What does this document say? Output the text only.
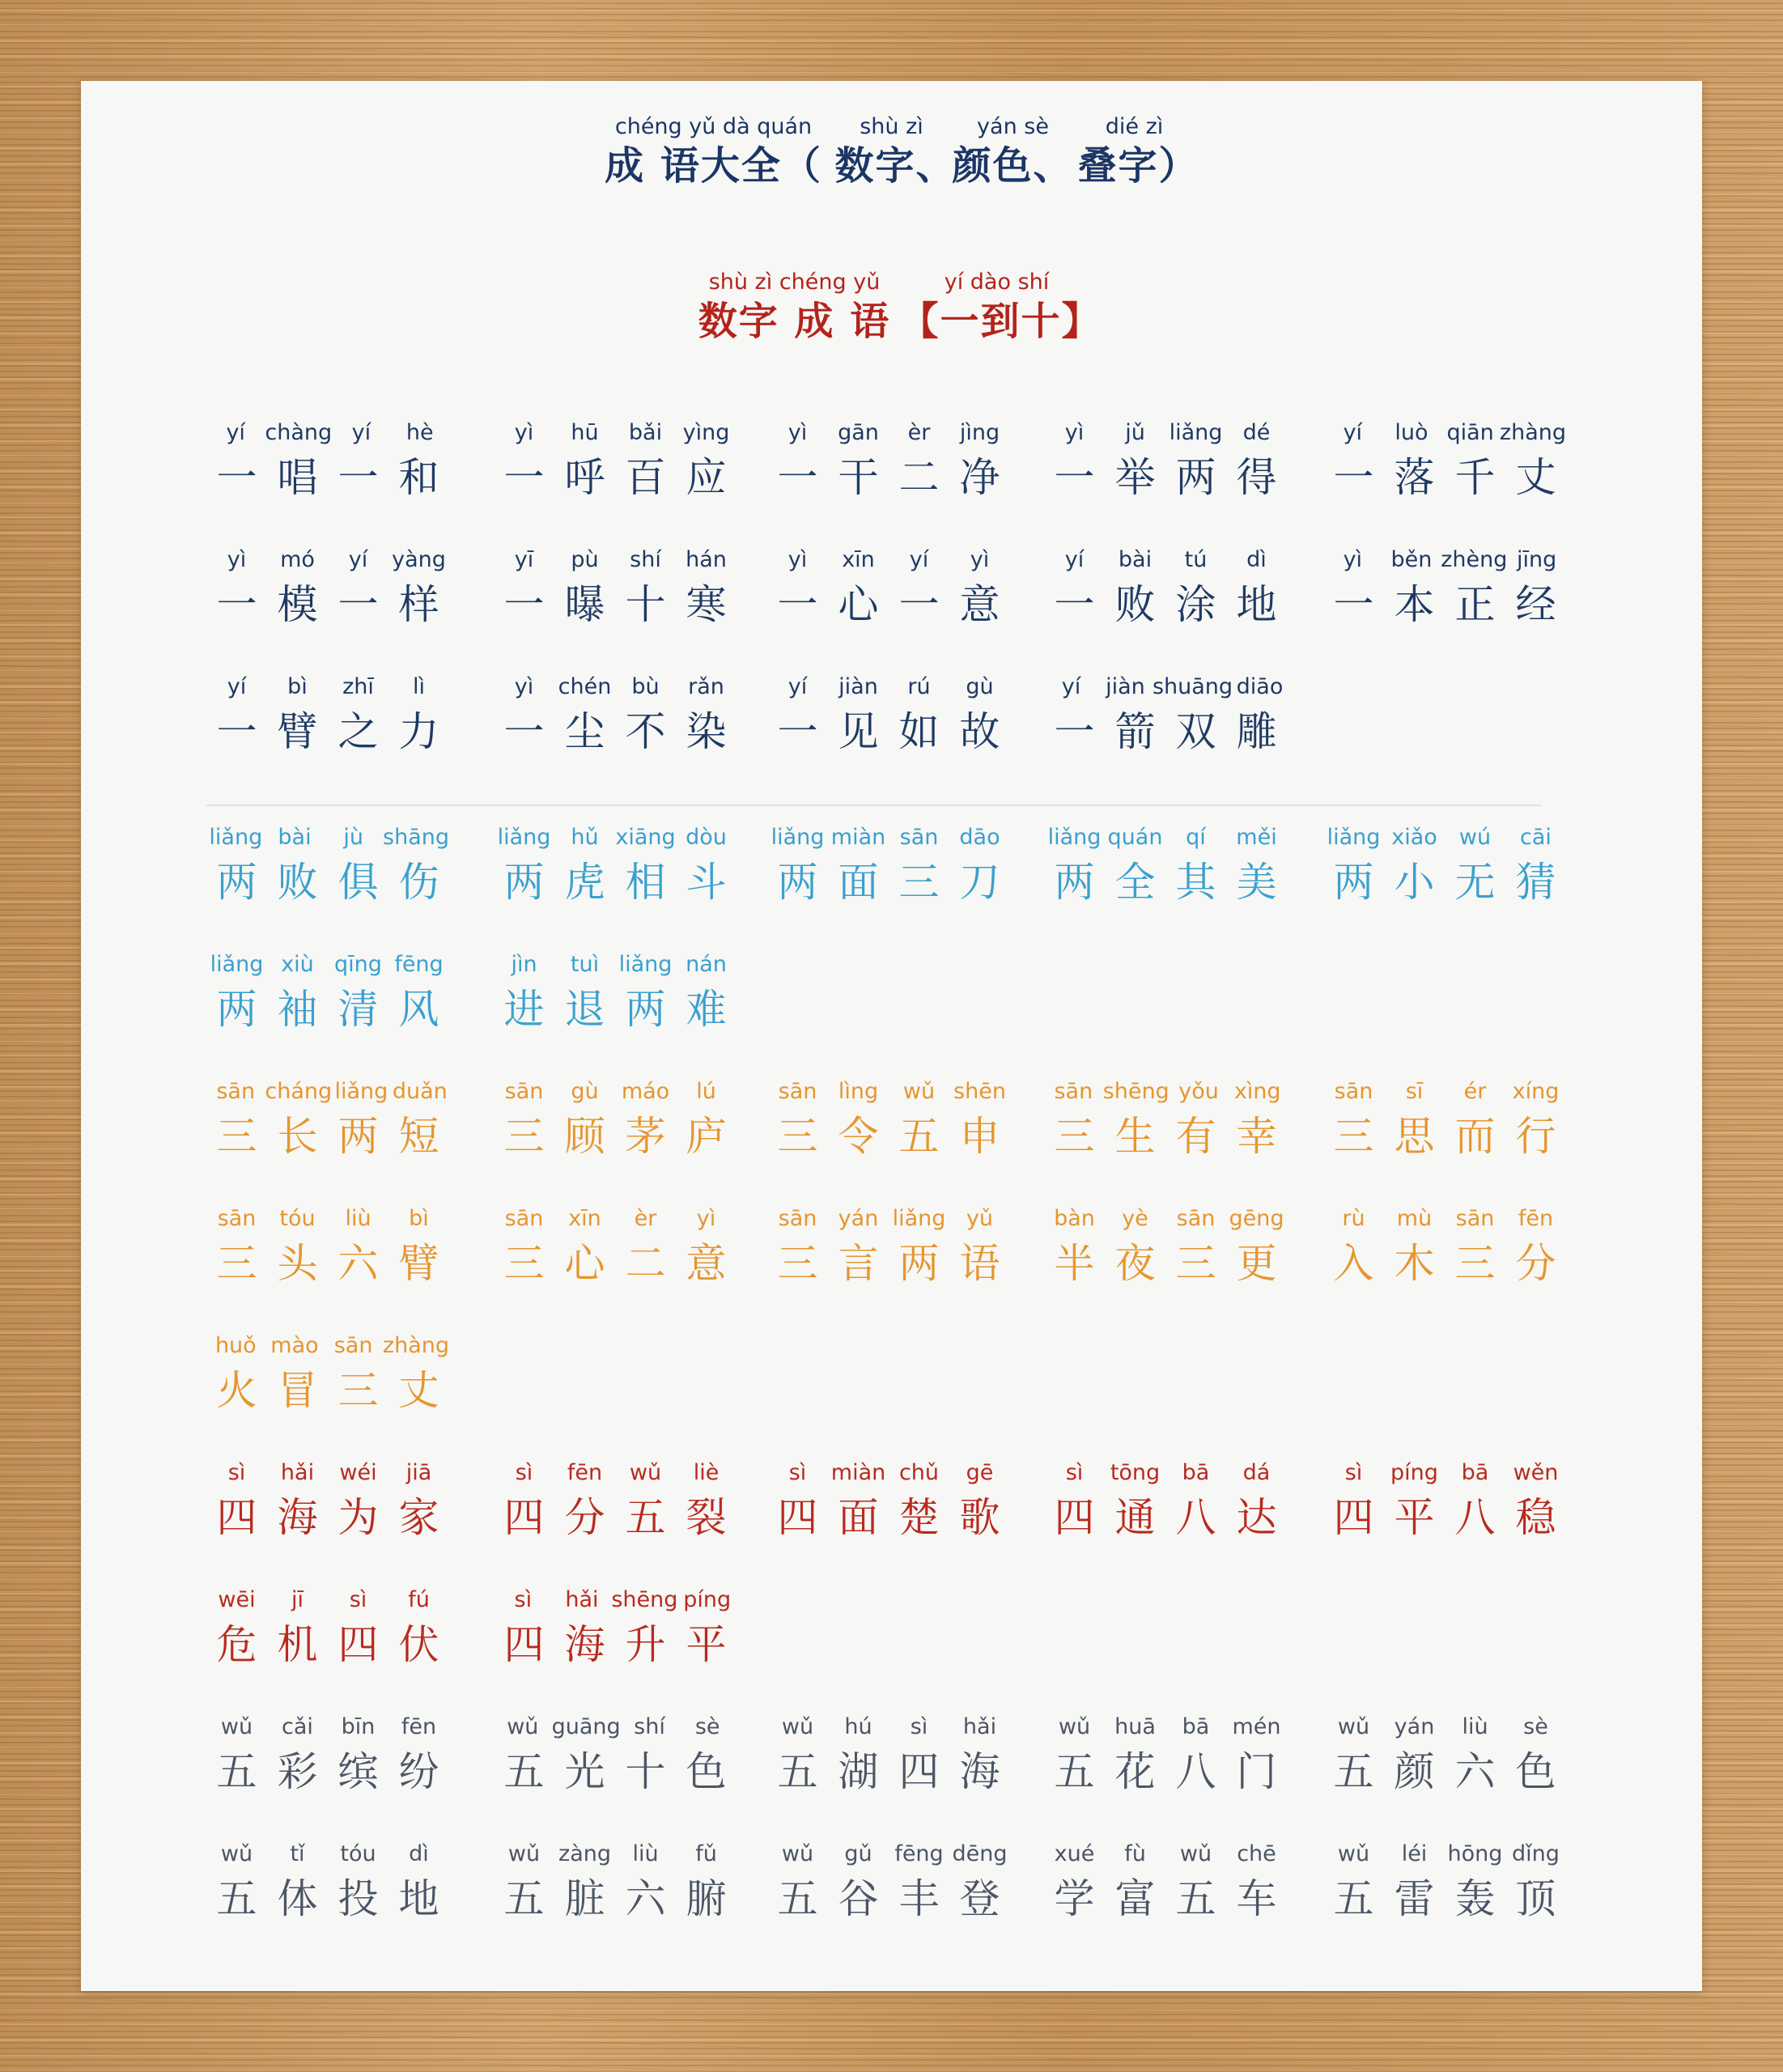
chéng yǔ dà quán	shù zì	yán sè	dié zì
成 语大全（ 数字、
颜色、 叠字）
shù zì chéng yǔ	yí dào shí
数字 成 语 【一到十】
yí chàng yí	hè
一 唱 一 和
yì	hū	bǎi yìng
一 呼 百 应
yì	gān	èr	jìng
一 干 二 净
yì	jǔ	liǎng dé
一 举 两 得
yí	luò qiān zhàng
一 落 千 丈
yì	mó	yí	yàng
一 模 一 样
yī	pù	shí	hán
一 曝 十 寒
yì	xīn	yí	yì
一 心 一 意
yí	bài	tú	dì
一 败 涂 地
yì	běn zhèng jīng
一 本 正 经
yí	bì	zhī	lì
一 臂 之 力
yì	chén bù	rǎn
一 尘 不 染
yí	jiàn	rú	gù
一 见 如 故
yí	jiàn shuāng diāo
一 箭 双 雕
liǎng bài	jù shāng
两 败 俱 伤
liǎng hǔ xiāng dòu
两 虎 相 斗
liǎng miàn sān dāo
两 面 三 刀
liǎng quán	qí	měi
两 全 其 美
liǎng xiǎo	wú	cāi
两 小 无 猜
liǎng xiù qīng fēng
两 袖 清 风
jìn	tuì liǎng nán
进 退 两 难
sān cháng liǎng duǎn
三 长 两 短
sān	gù	máo	lú
三 顾 茅 庐
sān lìng	wǔ shēn
三 令 五 申
sān shēng yǒu xìng
三 生 有 幸
sān	sī	ér	xíng
三 思 而 行
sān	tóu	liù	bì
三 头 六 臂
sān	xīn	èr	yì
三 心 二 意
sān yán liǎng yǔ
三 言 两 语
bàn	yè	sān gēng
半 夜 三 更
rù	mù	sān	fēn
入 木 三 分
huǒ mào sān zhàng
火 冒 三 丈
sì	hǎi	wéi	jiā
四 海 为 家
sì	fēn	wǔ	liè
四 分 五 裂
sì	miàn chǔ	gē
四 面 楚 歌
sì	tōng	bā	dá
四 通 八 达
sì	píng	bā	wěn
四 平 八 稳
wēi	jī	sì	fú
危 机 四 伏
sì	hǎi shēng píng
四 海 升 平
wǔ	cǎi	bīn	fēn
五 彩 缤 纷
wǔ guāng shí	sè
五 光 十 色
wǔ	hú	sì	hǎi
五 湖 四 海
wǔ	huā	bā	mén
五 花 八 门
wǔ	yán	liù	sè
五 颜 六 色
wǔ	tǐ	tóu	dì
五 体 投 地
wǔ zàng liù	fǔ
五 脏 六 腑
wǔ	gǔ	fēng dēng
五 谷 丰 登
xué	fù	wǔ	chē
学 富 五 车
wǔ	léi hōng dǐng
五 雷 轰 顶
